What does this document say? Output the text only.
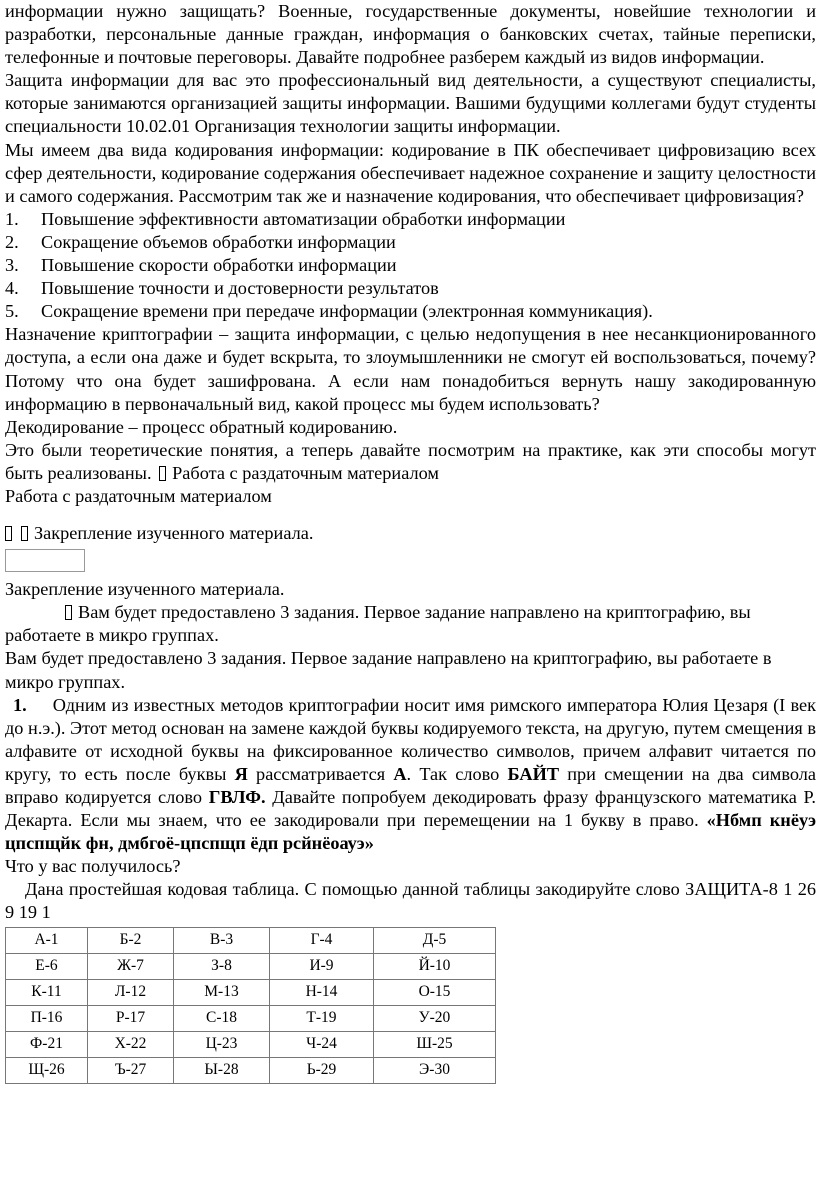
информации нужно защищать? Военные, государственные документы, новейшие технологии и разработки, персональные данные граждан, информация о банковских счетах, тайные переписки, телефонные и почтовые переговоры. Давайте подробнее разберем каждый из видов информации.

Защита информации для вас это профессиональный вид деятельности, а существуют специалисты, которые занимаются организацией защиты информации. Вашими будущими коллегами будут студенты специальности 10.02.01 Организация технологии защиты информации.

Мы имеем два вида кодирования информации: кодирование в ПК обеспечивает цифровизацию всех сфер деятельности, кодирование содержания обеспечивает надежное сохранение и защиту целостности и самого содержания. Рассмотрим так же и назначение кодирования, что обеспечивает цифровизация?

1.	Повышение эффективности автоматизации обработки информации
2.	Сокращение объемов обработки информации
3.	Повышение скорости обработки информации
4.	Повышение точности и достоверности результатов
5.	Сокращение времени при передаче информации (электронная коммуникация).

Назначение криптографии – защита информации, с целью недопущения в нее несанкционированного доступа, а если она даже и будет вскрыта, то злоумышленники не смогут ей воспользоваться, почему? Потому что она будет зашифрована. А если нам понадобиться вернуть нашу закодированную информацию в первоначальный вид, какой процесс мы будем использовать?

Декодирование – процесс обратный кодированию.

Это были теоретические понятия, а теперь давайте посмотрим на практике, как эти способы могут быть реализованы. Работа с раздаточным материалом

Работа с раздаточным материалом

Закрепление изученного материала.

Закрепление изученного материала.

Вам будет предоставлено 3 задания. Первое задание направлено на криптографию, вы работаете в микро группах.

Вам будет предоставлено 3 задания. Первое задание направлено на криптографию, вы работаете в микро группах.

1. Одним из известных методов криптографии носит имя римского императора Юлия Цезаря (I век до н.э.). Этот метод основан на замене каждой буквы кодируемого текста, на другую, путем смещения в алфавите от исходной буквы на фиксированное количество символов, причем алфавит читается по кругу, то есть после буквы Я рассматривается А. Так слово БАЙТ при смещении на два символа вправо кодируется слово ГВЛФ. Давайте попробуем декодировать фразу французского математика Р. Декарта. Если мы знаем, что ее закодировали при перемещении на 1 букву в право. «Нбмп кнёуэ цпспщйк фн, дмбгоё-цпспщп ёдп рсйнёоауэ»

Что у вас получилось?

Дана простейшая кодовая таблица. С помощью данной таблицы закодируйте слово ЗАЩИТА-8 1 26 9 19 1

А-1	Б-2	В-3	Г-4	Д-5
Е-6	Ж-7	З-8	И-9	Й-10
К-11	Л-12	М-13	Н-14	О-15
П-16	Р-17	С-18	Т-19	У-20
Ф-21	Х-22	Ц-23	Ч-24	Ш-25
Щ-26	Ъ-27	Ы-28	Ь-29	Э-30
